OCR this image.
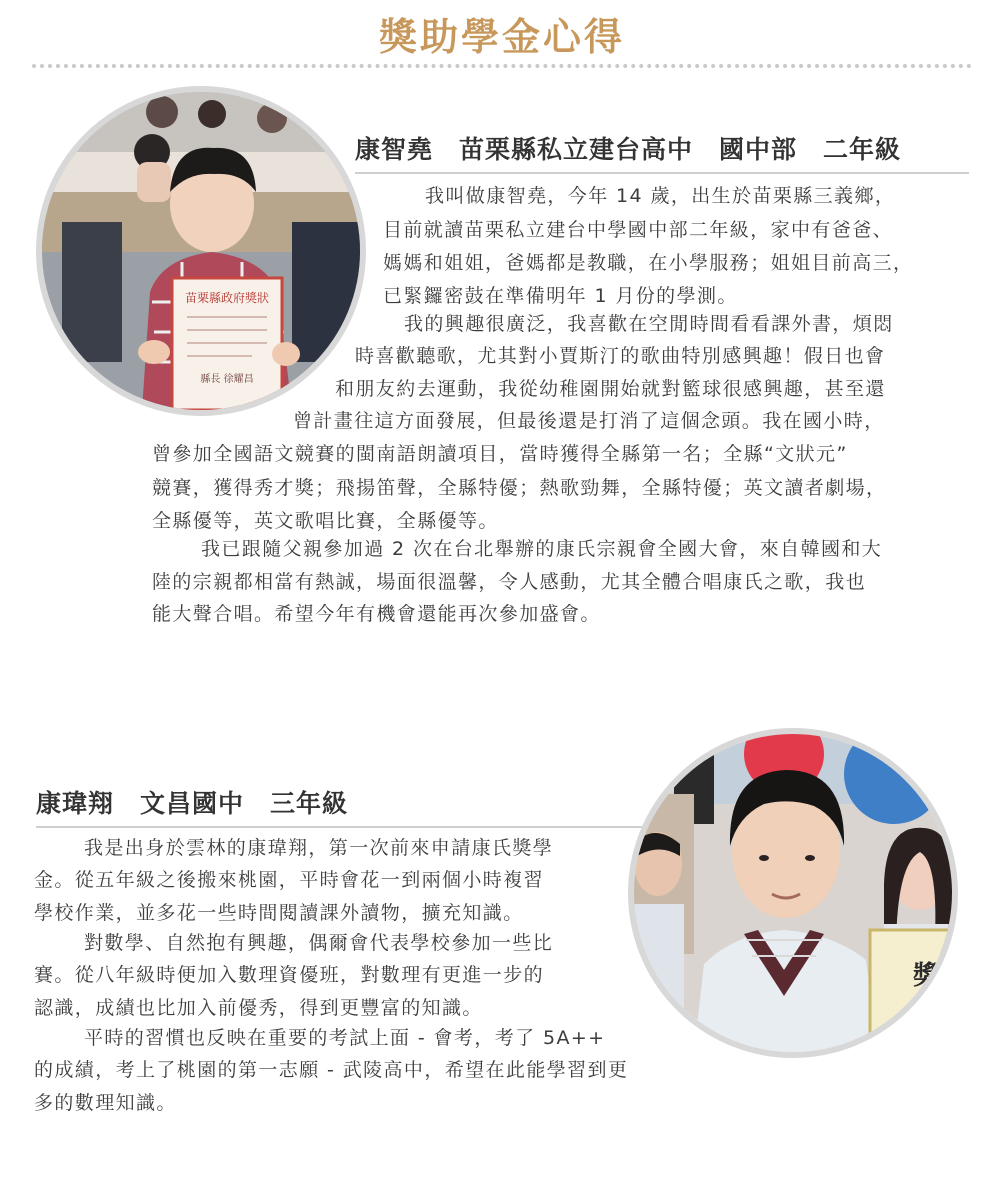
獎助學金心得
苗栗縣政府獎狀
縣長 徐耀昌
康智堯　苗栗縣私立建台高中　國中部　二年級
我叫做康智堯，今年 14 歲，出生於苗栗縣三義鄉，
目前就讀苗栗私立建台中學國中部二年級，家中有爸爸、
媽媽和姐姐，爸媽都是教職，在小學服務；姐姐目前高三，
已緊鑼密鼓在準備明年 1 月份的學測。
我的興趣很廣泛，我喜歡在空閒時間看看課外書，煩悶
時喜歡聽歌，尤其對小賈斯汀的歌曲特別感興趣！假日也會
和朋友約去運動，我從幼稚園開始就對籃球很感興趣，甚至還
曾計畫往這方面發展，但最後還是打消了這個念頭。我在國小時，
曾參加全國語文競賽的閩南語朗讀項目，當時獲得全縣第一名；全縣“文狀元”
競賽，獲得秀才獎；飛揚笛聲，全縣特優；熱歌勁舞，全縣特優；英文讀者劇場，
全縣優等，英文歌唱比賽，全縣優等。
我已跟隨父親參加過 2 次在台北舉辦的康氏宗親會全國大會，來自韓國和大
陸的宗親都相當有熱誠，場面很溫馨，令人感動，尤其全體合唱康氏之歌，我也
能大聲合唱。希望今年有機會還能再次參加盛會。
康瑋翔　文昌國中　三年級
獎
我是出身於雲林的康瑋翔，第一次前來申請康氏獎學
金。從五年級之後搬來桃園，平時會花一到兩個小時複習
學校作業，並多花一些時間閱讀課外讀物，擴充知識。
對數學、自然抱有興趣，偶爾會代表學校參加一些比
賽。從八年級時便加入數理資優班，對數理有更進一步的
認識，成績也比加入前優秀，得到更豐富的知識。
平時的習慣也反映在重要的考試上面 - 會考，考了 5A++
的成績，考上了桃園的第一志願 - 武陵高中，希望在此能學習到更
多的數理知識。
